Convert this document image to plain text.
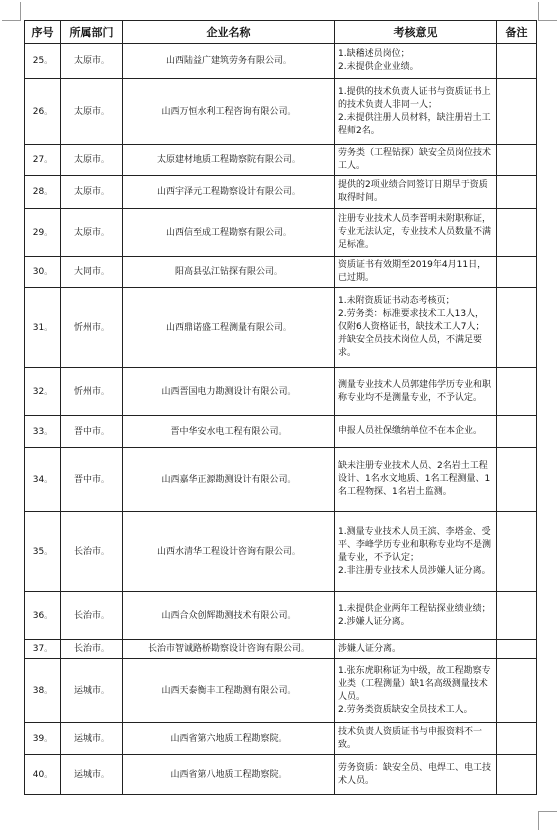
序号	所属部门	企业名称	考核意见	备注
25 。	太原市 。	山西陆益广建筑劳务有限公司 。	1.缺稽述员岗位；
2.未提供企业业绩。	

26 。	太原市 。	山西万恒水利工程咨询有限公司 。	1.提供的技术负责人证书与资质证书上的技术负责人非同一人；
2.未提供注册人员材料，缺注册岩土工程师2名。	

27 。	太原市 。	太原建材地质工程勘察院有限公司 。	劳务类（工程钻探）缺安全员岗位技术工人。	

28 。	太原市 。	山西宇泽元工程勘察设计有限公司 。	提供的2项业绩合同签订日期早于资质取得时间。	

29 。	太原市 。	山西信至成工程勘察有限公司 。	注册专业技术人员李晋明未附职称证，专业无法认定，专业技术人员数量不满足标准。	

30 。	大同市 。	阳高县弘江钻探有限公司 。	资质证书有效期至2019年4月11日，已过期。	

31 。	忻州市 。	山西鼎诺盛工程测量有限公司 。	1.未附资质证书动态考核页；
2.劳务类：标准要求技术工人13人，仅附6人资格证书，缺技术工人7人；并缺安全员技术岗位人员，不满足要求。	

32 。	忻州市 。	山西晋国电力勘测设计有限公司 。	测量专业技术人员郭建伟学历专业和职称专业均不是测量专业，不予认定。	

33 。	晋中市 。	晋中华安水电工程有限公司 。	申报人员社保缴纳单位不在本企业。	

34 。	晋中市 。	山西嘉华正源勘测设计有限公司 。	缺未注册专业技术人员、2名岩土工程设计、1名水文地质、1名工程测量、1名工程物探、1名岩土监测。	

35 。	长治市 。	山西水清华工程设计咨询有限公司 。	1.测量专业技术人员王滨、李塔金、受平、李峰学历专业和职称专业均不是测量专业，不予认定；
2.非注册专业技术人员涉嫌人证分离。	

36 。	长治市 。	山西合众创辉勘测技术有限公司 。	1.未提供企业两年工程钻探业绩业绩；
2.涉嫌人证分离。	

37 。	长治市 。	长治市智诚路桥勘察设计咨询有限公司 。	涉嫌人证分离。	

38 。	运城市 。	山西天泰衡丰工程勘测有限公司 。	1.张东虎职称证为中级，故工程勘察专业类（工程测量）缺1名高级测量技术人员。
2.劳务类资质缺安全员技术工人。	

39 。	运城市 。	山西省第六地质工程勘察院 。	技术负责人资质证书与申报资料不一致。	

40 。	运城市 。	山西省第八地质工程勘察院 。	劳务资质：缺安全员、电焊工、电工技术人员。	
